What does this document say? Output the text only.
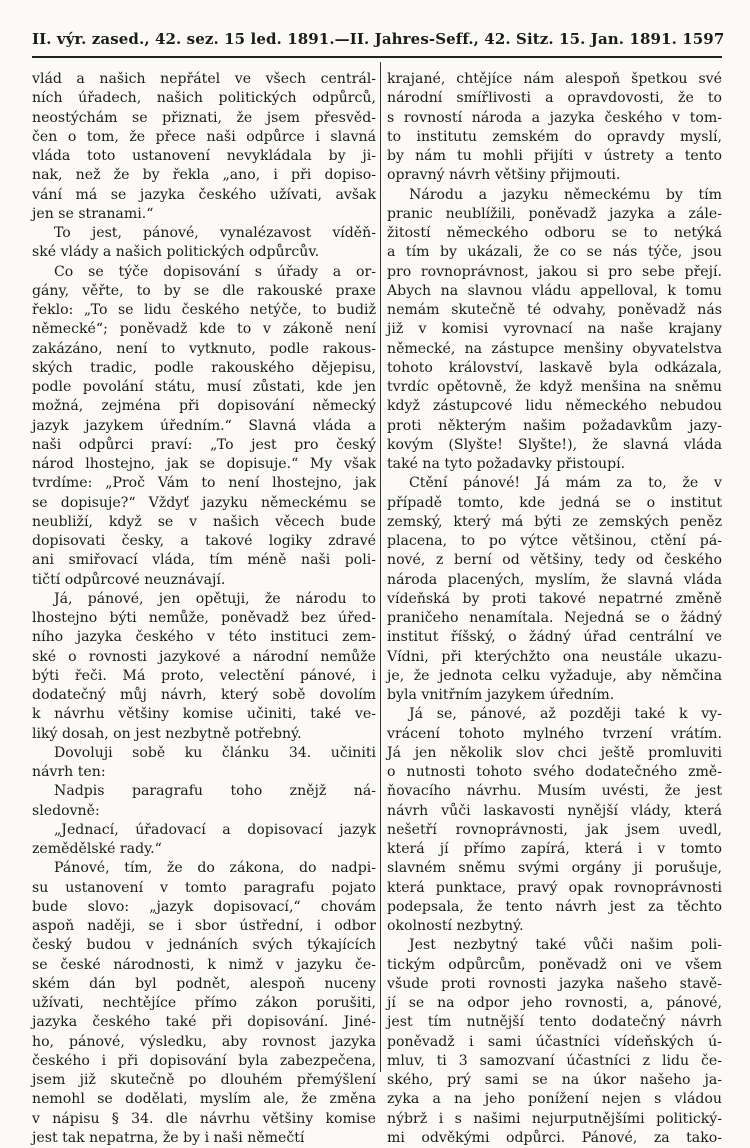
II. výr. zased., 42. sez. 15 led. 1891. — II. Jahres-Seff., 42. Sitz. 15. Jan. 1891. 1597
vlád a našich nepřátel ve všech centrál-
ních úřadech, našich politických odpůrců,
neostýchám se přiznati, že jsem přesvěd-
čen o tom, že přece naši odpůrce i slavná
vláda toto ustanovení nevykládala by ji-
nak, než že by řekla „ano, i při dopiso-
vání má se jazyka českého užívati, avšak
jen se stranami.“
To jest, pánové, vynalézavost víděň-
ské vlády a našich politických odpůrcův.
Co se týče dopisování s úřady a or-
gány, věřte, to by se dle rakouské praxe
řeklo: „To se lidu českého netýče, to budiž
německé“; poněvadž kde to v zákoně není
zakázáno, není to vytknuto, podle rakous-
ských tradic, podle rakouského dějepisu,
podle povolání státu, musí zůstati, kde jen
možná, zejména při dopisování německý
jazyk jazykem úředním.“ Slavná vláda a
naši odpůrci praví: „To jest pro český
národ lhostejno, jak se dopisuje.“ My však
tvrdíme: „Proč Vám to není lhostejno, jak
se dopisuje?“ Vždyť jazyku německému se
neubliží, když se v našich věcech bude
dopisovati česky, a takové logiky zdravé
ani smiřovací vláda, tím méně naši poli-
tičtí odpůrcové neuznávají.
Já, pánové, jen opětuji, že národu to
lhostejno býti nemůže, poněvadž bez úřed-
ního jazyka českého v této instituci zem-
ské o rovnosti jazykové a národní nemůže
býti řeči. Má proto, velectění pánové, i
dodatečný můj návrh, který sobě dovolím
k návrhu většiny komise učiniti, také ve-
liký dosah, on jest nezbytně potřebný.
Dovoluji sobě ku článku 34. učiniti
návrh ten:
Nadpis paragrafu toho znějž ná-
sledovně:
„Jednací, úřadovací a dopisovací jazyk
zemědělské rady.“
Pánové, tím, že do zákona, do nadpi-
su ustanovení v tomto paragrafu pojato
bude slovo: „jazyk dopisovací,“ chovám
aspoň naději, se i sbor ústřední, i odbor
český budou v jednáních svých týkajících
se české národnosti, k nimž v jazyku če-
ském dán byl podnět, alespoň nuceny
užívati, nechtějíce přímo zákon porušiti,
jazyka českého také při dopisování. Jiné-
ho, pánové, výsledku, aby rovnost jazyka
českého i při dopisování byla zabezpečena,
jsem již skutečně po dlouhém přemýšlení
nemohl se dodělati, myslím ale, že změna
v nápisu § 34. dle návrhu většiny komise
jest tak nepatrna, že by i naši němečtí
krajané, chtějíce nám alespoň špetkou své
národní smířlivosti a opravdovosti, že to
s rovností národa a jazyka českého v tom-
to institutu zemském do opravdy myslí,
by nám tu mohli přijíti v ústrety a tento
opravný návrh většiny přijmouti.
Národu a jazyku německému by tím
pranic neublížili, poněvadž jazyka a zále-
žitostí německého odboru se to netýká
a tím by ukázali, že co se nás týče, jsou
pro rovnoprávnost, jakou si pro sebe přejí.
Abych na slavnou vládu appelloval, k tomu
nemám skutečně té odvahy, poněvadž nás
již v komisi vyrovnací na naše krajany
německé, na zástupce menšiny obyvatelstva
tohoto království, laskavě byla odkázala,
tvrdíc opětovně, že když menšina na sněmu
když zástupcové lidu německého nebudou
proti některým našim požadavkům jazy-
kovým (Slyšte! Slyšte!), že slavná vláda
také na tyto požadavky přistoupí.
Ctění pánové! Já mám za to, že v
případě tomto, kde jedná se o institut
zemský, který má býti ze zemských peněz
placena, to po výtce většinou, ctění pá-
nové, z berní od většiny, tedy od českého
národa placených, myslím, že slavná vláda
vídeňská by proti takové nepatrné změně
praničeho nenamítala. Nejedná se o žádný
institut říšský, o žádný úřad centrální ve
Vídni, při kterýchžto ona neustále ukazu-
je, že jednota celku vyžaduje, aby němčina
byla vnitřním jazykem úředním.
Já se, pánové, až později také k vy-
vrácení tohoto mylného tvrzení vrátím.
Já jen několik slov chci ještě promluviti
o nutnosti tohoto svého dodatečného změ-
ňovacího návrhu. Musím uvésti, že jest
návrh vůči laskavosti nynější vlády, která
nešetří rovnoprávnosti, jak jsem uvedl,
která jí přímo zapírá, která i v tomto
slavném sněmu svými orgány ji porušuje,
která punktace, pravý opak rovnoprávnosti
podepsala, že tento návrh jest za těchto
okolností nezbytný.
Jest nezbytný také vůči našim poli-
tickým odpůrcům, poněvadž oni ve všem
všude proti rovnosti jazyka našeho stavě-
jí se na odpor jeho rovnosti, a, pánové,
jest tím nutnější tento dodatečný návrh
poněvadž i sami účastníci vídeňských ú-
mluv, ti 3 samozvaní účastníci z lidu če-
ského, prý sami se na úkor našeho ja-
zyka a na jeho ponížení nejen s vládou
nýbrž i s našimi nejurputnějšími politický-
mi odvěkými odpůrci. Pánové, za tako-
